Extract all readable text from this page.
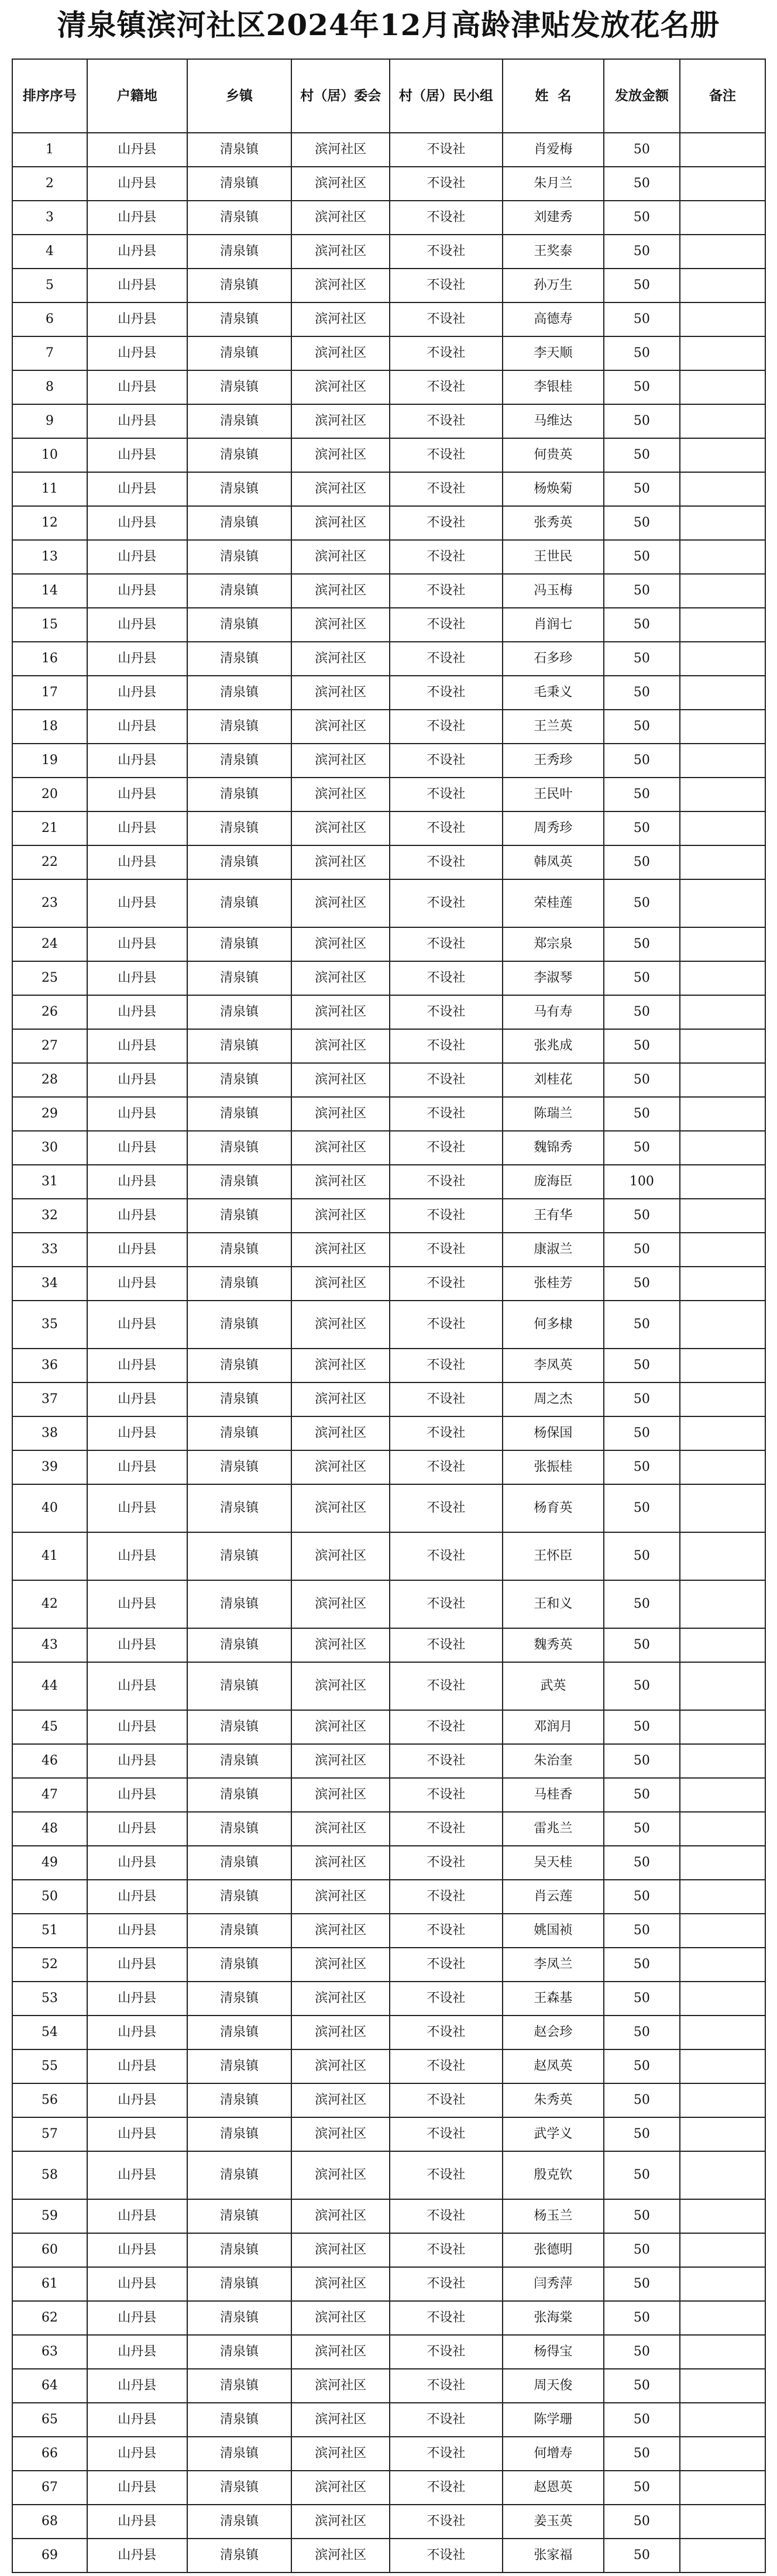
清泉镇滨河社区2024年12月高龄津贴发放花名册
排序序号	户籍地	乡镇	村（居）委会	村（居）民小组	姓  名	发放金额	备注
1	山丹县	清泉镇	滨河社区	不设社	肖爱梅	50	
2	山丹县	清泉镇	滨河社区	不设社	朱月兰	50	
3	山丹县	清泉镇	滨河社区	不设社	刘建秀	50	
4	山丹县	清泉镇	滨河社区	不设社	王奖泰	50	
5	山丹县	清泉镇	滨河社区	不设社	孙万生	50	
6	山丹县	清泉镇	滨河社区	不设社	高德寿	50	
7	山丹县	清泉镇	滨河社区	不设社	李天顺	50	
8	山丹县	清泉镇	滨河社区	不设社	李银桂	50	
9	山丹县	清泉镇	滨河社区	不设社	马维达	50	
10	山丹县	清泉镇	滨河社区	不设社	何贵英	50	
11	山丹县	清泉镇	滨河社区	不设社	杨焕菊	50	
12	山丹县	清泉镇	滨河社区	不设社	张秀英	50	
13	山丹县	清泉镇	滨河社区	不设社	王世民	50	
14	山丹县	清泉镇	滨河社区	不设社	冯玉梅	50	
15	山丹县	清泉镇	滨河社区	不设社	肖润七	50	
16	山丹县	清泉镇	滨河社区	不设社	石多珍	50	
17	山丹县	清泉镇	滨河社区	不设社	毛秉义	50	
18	山丹县	清泉镇	滨河社区	不设社	王兰英	50	
19	山丹县	清泉镇	滨河社区	不设社	王秀珍	50	
20	山丹县	清泉镇	滨河社区	不设社	王民叶	50	
21	山丹县	清泉镇	滨河社区	不设社	周秀珍	50	
22	山丹县	清泉镇	滨河社区	不设社	韩凤英	50	
23	山丹县	清泉镇	滨河社区	不设社	荣桂莲	50	
24	山丹县	清泉镇	滨河社区	不设社	郑宗泉	50	
25	山丹县	清泉镇	滨河社区	不设社	李淑琴	50	
26	山丹县	清泉镇	滨河社区	不设社	马有寿	50	
27	山丹县	清泉镇	滨河社区	不设社	张兆成	50	
28	山丹县	清泉镇	滨河社区	不设社	刘桂花	50	
29	山丹县	清泉镇	滨河社区	不设社	陈瑞兰	50	
30	山丹县	清泉镇	滨河社区	不设社	魏锦秀	50	
31	山丹县	清泉镇	滨河社区	不设社	庞海臣	100	
32	山丹县	清泉镇	滨河社区	不设社	王有华	50	
33	山丹县	清泉镇	滨河社区	不设社	康淑兰	50	
34	山丹县	清泉镇	滨河社区	不设社	张桂芳	50	
35	山丹县	清泉镇	滨河社区	不设社	何多棣	50	
36	山丹县	清泉镇	滨河社区	不设社	李凤英	50	
37	山丹县	清泉镇	滨河社区	不设社	周之杰	50	
38	山丹县	清泉镇	滨河社区	不设社	杨保国	50	
39	山丹县	清泉镇	滨河社区	不设社	张振桂	50	
40	山丹县	清泉镇	滨河社区	不设社	杨育英	50	
41	山丹县	清泉镇	滨河社区	不设社	王怀臣	50	
42	山丹县	清泉镇	滨河社区	不设社	王和义	50	
43	山丹县	清泉镇	滨河社区	不设社	魏秀英	50	
44	山丹县	清泉镇	滨河社区	不设社	武英	50	
45	山丹县	清泉镇	滨河社区	不设社	邓润月	50	
46	山丹县	清泉镇	滨河社区	不设社	朱治奎	50	
47	山丹县	清泉镇	滨河社区	不设社	马桂香	50	
48	山丹县	清泉镇	滨河社区	不设社	雷兆兰	50	
49	山丹县	清泉镇	滨河社区	不设社	吴天桂	50	
50	山丹县	清泉镇	滨河社区	不设社	肖云莲	50	
51	山丹县	清泉镇	滨河社区	不设社	姚国祯	50	
52	山丹县	清泉镇	滨河社区	不设社	李凤兰	50	
53	山丹县	清泉镇	滨河社区	不设社	王森基	50	
54	山丹县	清泉镇	滨河社区	不设社	赵会珍	50	
55	山丹县	清泉镇	滨河社区	不设社	赵凤英	50	
56	山丹县	清泉镇	滨河社区	不设社	朱秀英	50	
57	山丹县	清泉镇	滨河社区	不设社	武学义	50	
58	山丹县	清泉镇	滨河社区	不设社	殷克钦	50	
59	山丹县	清泉镇	滨河社区	不设社	杨玉兰	50	
60	山丹县	清泉镇	滨河社区	不设社	张德明	50	
61	山丹县	清泉镇	滨河社区	不设社	闫秀萍	50	
62	山丹县	清泉镇	滨河社区	不设社	张海棠	50	
63	山丹县	清泉镇	滨河社区	不设社	杨得宝	50	
64	山丹县	清泉镇	滨河社区	不设社	周天俊	50	
65	山丹县	清泉镇	滨河社区	不设社	陈学珊	50	
66	山丹县	清泉镇	滨河社区	不设社	何增寿	50	
67	山丹县	清泉镇	滨河社区	不设社	赵恩英	50	
68	山丹县	清泉镇	滨河社区	不设社	姜玉英	50	
69	山丹县	清泉镇	滨河社区	不设社	张家福	50	
